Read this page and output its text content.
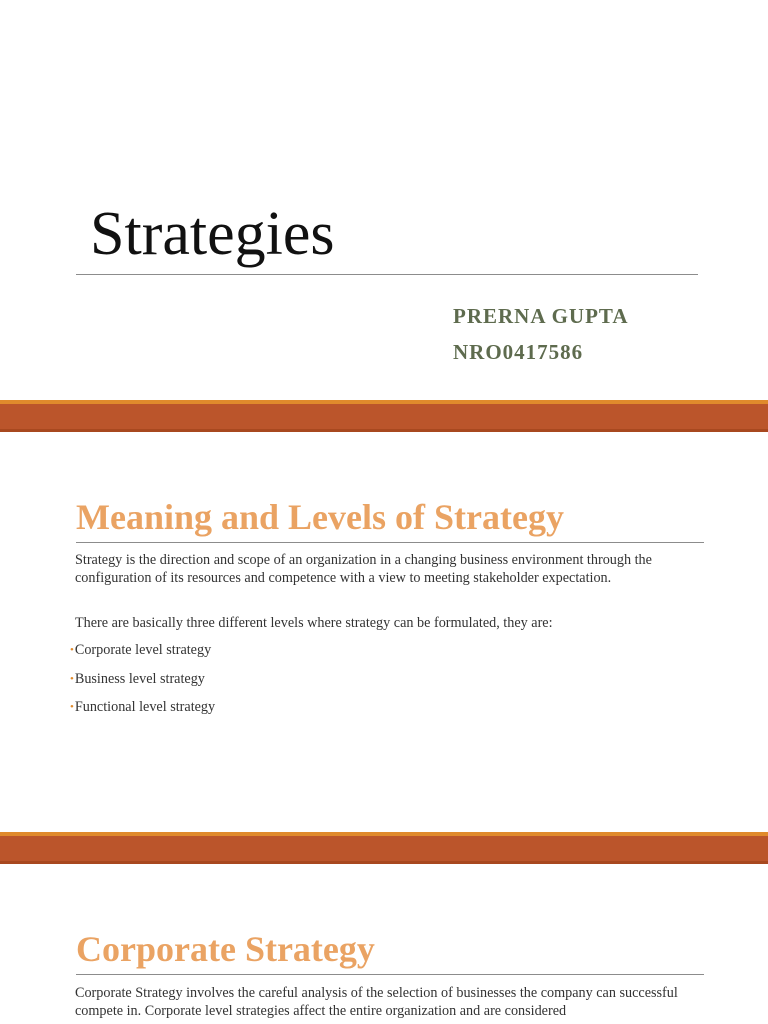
Strategies

PRERNA GUPTA

NRO0417586

Meaning and Levels of Strategy

Strategy is the direction and scope of an organization in a changing business environment through the configuration of its resources and competence with a view to meeting stakeholder expectation.

There are basically three different levels where strategy can be formulated, they are:

• Corporate level strategy
• Business level strategy
• Functional level strategy
Corporate Strategy

Corporate Strategy involves the careful analysis of the selection of businesses the company can successful compete in. Corporate level strategies affect the entire organization and are considered
